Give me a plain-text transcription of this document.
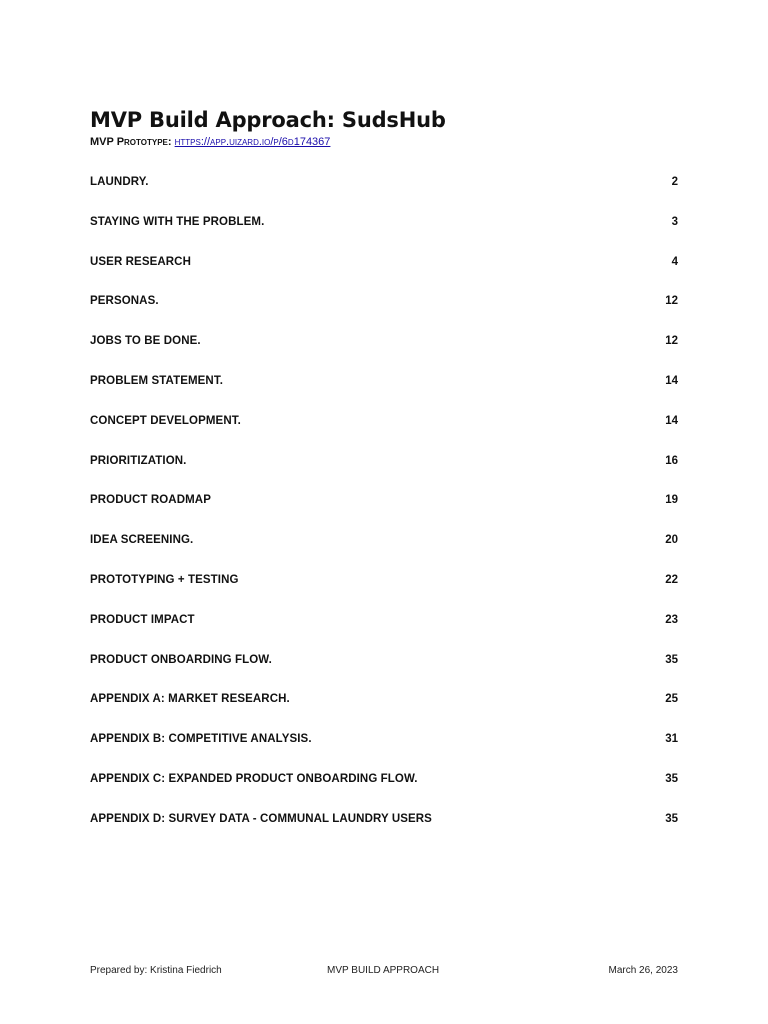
MVP Build Approach: SudsHub
MVP Prototype: https://app.uizard.io/p/6d174367
LAUNDRY.	2
STAYING WITH THE PROBLEM.	3
USER RESEARCH	4
PERSONAS.	12
JOBS TO BE DONE.	12
PROBLEM STATEMENT.	14
CONCEPT DEVELOPMENT.	14
PRIORITIZATION.	16
PRODUCT ROADMAP	19
IDEA SCREENING.	20
PROTOTYPING + TESTING	22
PRODUCT IMPACT	23
PRODUCT ONBOARDING FLOW.	35
APPENDIX A: MARKET RESEARCH.	25
APPENDIX B: COMPETITIVE ANALYSIS.	31
APPENDIX C: EXPANDED PRODUCT ONBOARDING FLOW.	35
APPENDIX D: SURVEY DATA - COMMUNAL LAUNDRY USERS	35
Prepared by: Kristina Fiedrich	MVP BUILD APPROACH	March 26, 2023
